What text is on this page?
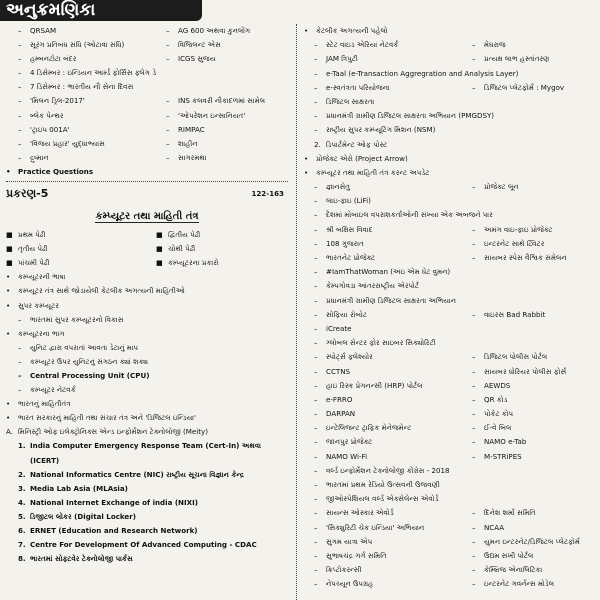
અનુક્રમણિકા
– QRSAM	– AG 600 અથવા કુનલોંગ
– સૂરંગ પ્રતિબંધ સંધિ (ઓટાવા સંધિ)	– વિજિલન્ટ એસ
– હમ્બનટોટા બંદર	– ICGS સુજય
– 4 ડિસેમ્બર : ઇન્ડિયન આર્મ્ડ ફોર્સિસ ફ્લેગ ડે
– 7 ડિસેમ્બર : ભારતીય નૌ સેના દિવસ
– 'મિલન ડ્રિલ-2017'	– INS કલવરી નૌકાદળમાં સામેલ
– બ્લેક પેન્થર	– 'ઓપરેશન ઇન્સાનિયત'
– 'ટ્રાઇપ 001A'	– RIMPAC
– 'વિજય પ્રહાર' યુદ્ધાભ્યાસ	– શાહીન
– દ્રુષ્માન	– સાગરમથા
• Practice Questions
પ્રકરણ-5	122-163
કમ્પ્યૂટર તથા માહિતી તંત્ર
■ પ્રથમ પેઢી	■ દ્વિતીય પેઢી
■ તૃતીય પેઢી	■ ચોથી પેઢી
■ પાંચમી પેઢી	■ કમ્પ્યૂટરના પ્રકારો
• કમ્પ્યૂટરની ભાષા
• કમ્પ્યૂટર તંત્ર સાથે જોડાયેલી કેટલીક અગત્યની માહિતીઓ
• સુપર કમ્પ્યૂટર
– ભારતમાં સુપર કમ્પ્યૂટરનો વિકાસ
• કમ્પ્યૂટરના ભાગ
– યુનિટ દ્વારા વપરાતાં આવતા ડેટાનું માપ
– કમ્પ્યૂટર ઉપર યુનિટનું સંગઠન ક્યાં શક્ય
– Central Processing Unit (CPU)
– કમ્પ્યૂટર નેટવર્ક
• ભારતનું માહિતીતંત્ર
• ભારત સરકારનું માહિતી તથા સંચાર તંત્ર અને 'ડિજિટલ ઇન્ડિયા'
A. મિનિસ્ટ્રી ઓફ ઇલેક્ટ્રોનિક્સ એન્ડ ઇન્ફોર્મેશન ટેક્નોલોજી (Meity)
1. India Computer Emergency Response Team (Cert-In) અથવા
(ICERT)
2. National Informatics Centre (NIC) રાષ્ટ્રીય સૂચના વિજ્ઞાન કેન્દ્ર
3. Media Lab Asia (MLAsia)
4. National Internet Exchange of india (NIXI)
5. ડિજીટલ લોકર (Digital Locker)
6. ERNET (Education and Research Network)
7. Centre For Development Of Advanced Computing - CDAC
8. ભારતમાં સોફ્ટવેર ટેક્નોલોજી પાર્કસ
• કેટલીક અગત્યની પહેલો
– સ્ટેટ વાઇડ એરિયા નેટવર્ક	– મેઘરાજ
– JAM ત્રિપુટી	– પ્રત્યક્ષ લાભ હસ્તાંતરણ
– e-Taal (e-Transaction Aggregration and Analysis Layer)
– e-સ્વતંત્રતા પરિયોજના	– ડિજિટલ પ્લેટફોર્મ : Mygov
– ડિજિટલ સાક્ષરતા
– પ્રધાનમંત્રી ગ્રામીણ ડિજિટલ સાક્ષરતા અભિયાન (PMGDSY)
– રાષ્ટ્રીય સુપર કમ્પ્યૂટિંગ મિશન (NSM)
2. ડિપાર્ટમેન્ટ ઓફ પોસ્ટ
• પ્રોજેક્ટ એરો (Project Arrow)
• કમ્પ્યૂટર તથા માહિતી તંત્ર કરન્ટ અપડેટ
– જ્ઞાનસેતુ	– પ્રોજેક્ટ લૂન
– લાઇ-ફાઇ (LiFi)
– દેશમાં મોબાઇલ વપરાશકર્તાઓની સંખ્યા એક અબજને પાર
– શ્રી બક્ષિસ વિવાદ	– અમંગ વાઇ-ફાઇ પ્રોજેક્ટ
– 108 ગુજરાત	– ઇન્ટરનેટ સાથે ટ્વિટર
– ભારતનેટ પ્રોજેક્ટ	– સાયબર સ્પેસ વૈશ્વિક સંમેલન
– #IamThatWoman (અઇ એમ ધેટ વુમન)
– કેમ્પગોવડા આંતરરાષ્ટ્રીય એરપોર્ટ
– પ્રધાનમંત્રી ગ્રામીણ ડિજિટલ સાક્ષરતા અભિયાન
– સોફિયા રોબોટ	– વાઇરસ Bad Rabbit
– iCreate
– ગ્લોબલ સેન્ટર ફોર સાઇબર સિક્યોરિટી
– સ્પોર્ટ્સ ફ્લેશ્યોર	– ડિજિટલ પોલીસ પોર્ટલ
– CCTNS	– સાયબર ધોરિયર પોલીસ ફોર્સ
– હાઇ રિસ્ક પ્રેગનન્સી (HRP) પોર્ટલ	– AEWDS
– e-FRRO	– QR કોડ
– DARPAN	– પોકેટ કોપ
– ઇન્ટેલિજન્ટ ટ્રાફિક મેનેજમેન્ટ	– ઈ-વે બિલ
– જાનપુર પ્રોજેક્ટ	– NAMO e-Tab
– NAMO Wi-Fi	– M-STRiPES
– વર્લ્ડ ઇન્ફોર્મેશન ટેક્નોલોજી કોંગ્રેસ - 2018
– ભારતમાં પ્રથમ રેડિયો ઉત્સવની ઉજવણી
– જીઓસ્પેશિયલ વર્લ્ડ એક્સેલેન્સ એવોર્ડ
– સાયન્સ ઓસ્કાર એવોર્ડ	– દિનેશ શર્મા સમિતિ
– 'સિક્યુરિટી ચેક ઇન્ડિયા' અભિયાન	– NCAA
– સુગમ યાત્રા એપ	– યુમન ઇન્ટરનેટ/ડિજિટલ પ્લેટફોર્મ
– સુભાષચંદ્ર ગર્ગ સમિતિ	– ઉદ્યમ સખી પોર્ટલ
– ક્રિપ્ટોકરન્સી	– કેમ્બ્રિજ એનાલિટિકા
– નેપચ્યૂન ઉપગ્રહ	– ઇન્ટરનેટ ગવર્નન્સ મોડેલ
